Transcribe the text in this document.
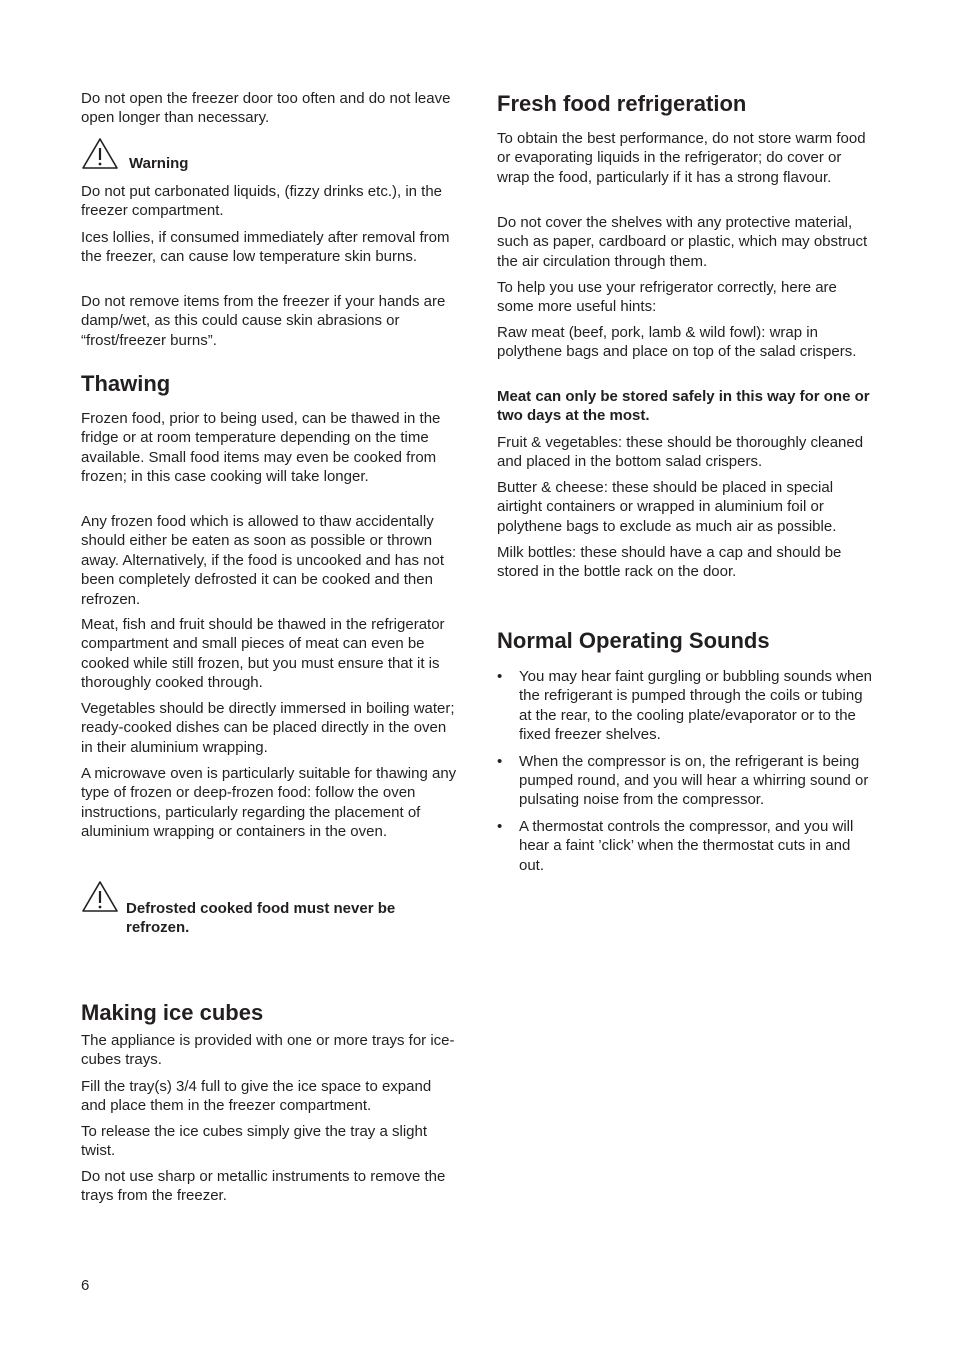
Do not open the freezer door too often and do not leave open longer than necessary.

Warning

Do not put carbonated liquids, (fizzy drinks etc.), in the freezer compartment.

Ices lollies, if consumed immediately after removal from the freezer, can cause low temperature skin burns.

Do not remove items from the freezer if your hands are damp/wet, as this could cause skin abrasions or “frost/freezer burns”.

Thawing

Frozen food, prior to being used, can be thawed in the fridge or at room temperature depending on the time available. Small food items may even be cooked from frozen; in this case cooking will take longer.

Any frozen food which is allowed to thaw accidentally should either be eaten as soon as possible or thrown away. Alternatively, if the food is uncooked and has not been completely defrosted it can be cooked and then refrozen.

Meat, fish and fruit should be thawed in the refrigerator compartment and small pieces of meat can even be cooked while still frozen, but you must ensure that it is thoroughly cooked through.

Vegetables should be directly immersed in boiling water; ready-cooked dishes can be placed directly in the oven in their aluminium wrapping.

A microwave oven is particularly suitable for thawing any type of frozen or deep-frozen food: follow the oven instructions, particularly regarding the placement of aluminium wrapping or containers in the oven.

Defrosted cooked food must never be refrozen.
Making ice cubes

The appliance is provided with one or more trays for ice-cubes trays.

Fill the tray(s) 3/4 full to give the ice space to expand and place them in the freezer compartment.

To release the ice cubes simply give the tray a slight twist.

Do not use sharp or metallic instruments to remove the trays from the freezer.

Fresh food refrigeration

To obtain the best performance, do not store warm food or evaporating liquids in the refrigerator; do cover or wrap the food, particularly if it has a strong flavour.

Do not cover the shelves with any protective material, such as paper, cardboard or plastic, which may obstruct the air circulation through them.

To help you use your refrigerator correctly, here are some more useful hints:

Raw meat (beef, pork, lamb & wild fowl): wrap in polythene bags and place on top of the salad crispers.

Meat can only be stored safely in this way for one or two days at the most.

Fruit & vegetables: these should be thoroughly cleaned and placed in the bottom salad crispers.

Butter & cheese: these should be placed in special airtight containers or wrapped in aluminium foil or polythene bags to exclude as much air as possible.

Milk bottles: these should have a cap and should be stored in the bottle rack on the door.

Normal Operating Sounds
• You may hear faint gurgling or bubbling sounds when the refrigerant is pumped through the coils or tubing at the rear, to the cooling plate/evaporator or to the fixed freezer shelves.
• When the compressor is on, the refrigerant is being pumped round, and you will hear a whirring sound or pulsating noise from the compressor.
• A thermostat controls the compressor, and you will hear a faint ’click’ when the thermostat cuts in and out.
6
